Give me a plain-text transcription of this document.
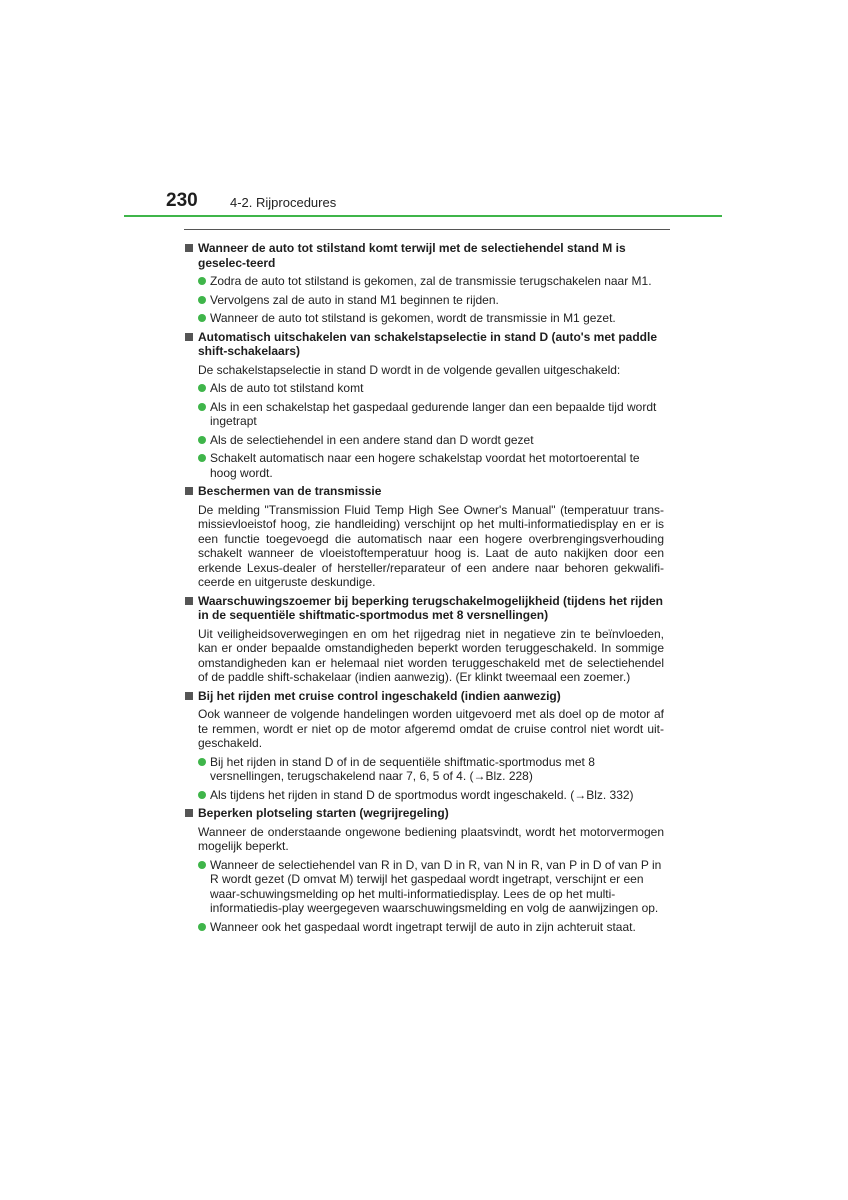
230 4-2. Rijprocedures
Wanneer de auto tot stilstand komt terwijl met de selectiehendel stand M is geselec-teerd
Zodra de auto tot stilstand is gekomen, zal de transmissie terugschakelen naar M1.
Vervolgens zal de auto in stand M1 beginnen te rijden.
Wanneer de auto tot stilstand is gekomen, wordt de transmissie in M1 gezet.
Automatisch uitschakelen van schakelstapselectie in stand D (auto's met paddle shift-schakelaars)
De schakelstapselectie in stand D wordt in de volgende gevallen uitgeschakeld:
Als de auto tot stilstand komt
Als in een schakelstap het gaspedaal gedurende langer dan een bepaalde tijd wordt ingetrapt
Als de selectiehendel in een andere stand dan D wordt gezet
Schakelt automatisch naar een hogere schakelstap voordat het motortoerental te hoog wordt.
Beschermen van de transmissie
De melding "Transmission Fluid Temp High See Owner's Manual" (temperatuur trans-missievloeistof hoog, zie handleiding) verschijnt op het multi-informatiedisplay en er is een functie toegevoegd die automatisch naar een hogere overbrengingsverhouding schakelt wanneer de vloeistoftemperatuur hoog is. Laat de auto nakijken door een erkende Lexus-dealer of hersteller/reparateur of een andere naar behoren gekwalifi-ceerde en uitgeruste deskundige.
Waarschuwingszoemer bij beperking terugschakelmogelijkheid (tijdens het rijden in de sequentiële shiftmatic-sportmodus met 8 versnellingen)
Uit veiligheidsoverwegingen en om het rijgedrag niet in negatieve zin te beïnvloeden, kan er onder bepaalde omstandigheden beperkt worden teruggeschakeld. In sommige omstandigheden kan er helemaal niet worden teruggeschakeld met de selectiehendel of de paddle shift-schakelaar (indien aanwezig). (Er klinkt tweemaal een zoemer.)
Bij het rijden met cruise control ingeschakeld (indien aanwezig)
Ook wanneer de volgende handelingen worden uitgevoerd met als doel op de motor af te remmen, wordt er niet op de motor afgeremd omdat de cruise control niet wordt uit-geschakeld.
Bij het rijden in stand D of in de sequentiële shiftmatic-sportmodus met 8 versnellingen, terugschakelend naar 7, 6, 5 of 4. (→Blz. 228)
Als tijdens het rijden in stand D de sportmodus wordt ingeschakeld. (→Blz. 332)
Beperken plotseling starten (wegrijregeling)
Wanneer de onderstaande ongewone bediening plaatsvindt, wordt het motorvermogen mogelijk beperkt.
Wanneer de selectiehendel van R in D, van D in R, van N in R, van P in D of van P in R wordt gezet (D omvat M) terwijl het gaspedaal wordt ingetrapt, verschijnt er een waar-schuwingsmelding op het multi-informatiedisplay. Lees de op het multi-informatiedis-play weergegeven waarschuwingsmelding en volg de aanwijzingen op.
Wanneer ook het gaspedaal wordt ingetrapt terwijl de auto in zijn achteruit staat.
